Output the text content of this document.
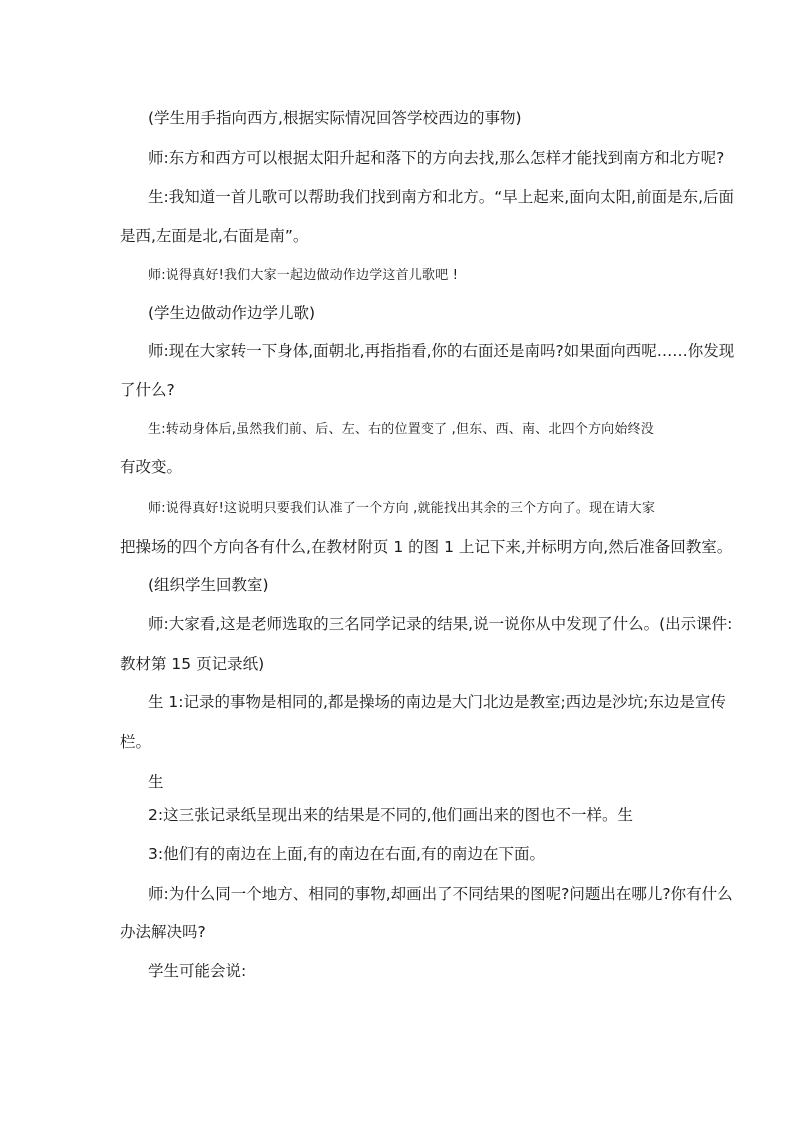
(学生用手指向西方,根据实际情况回答学校西边的事物)
师:东方和西方可以根据太阳升起和落下的方向去找,那么怎样才能找到南方和北方呢?
生:我知道一首儿歌可以帮助我们找到南方和北方。“早上起来,面向太阳,前面是东,后面
是西,左面是北,右面是南”。
师:说得真好!我们大家一起边做动作边学这首儿歌吧 !
(学生边做动作边学儿歌)
师:现在大家转一下身体,面朝北,再指指看,你的右面还是南吗?如果面向西呢……你发现
了什么?
生:转动身体后,虽然我们前、后、左、右的位置变了 ,但东、西、南、北四个方向始终没
有改变。
师:说得真好!这说明只要我们认准了一个方向 ,就能找出其余的三个方向了。现在请大家
把操场的四个方向各有什么,在教材附页 1 的图 1 上记下来,并标明方向,然后准备回教室。
(组织学生回教室)
师:大家看,这是老师选取的三名同学记录的结果,说一说你从中发现了什么。(出示课件:
教材第 15 页记录纸)
生 1:记录的事物是相同的,都是操场的南边是大门北边是教室;西边是沙坑;东边是宣传
栏。
生
2:这三张记录纸呈现出来的结果是不同的,他们画出来的图也不一样。生
3:他们有的南边在上面,有的南边在右面,有的南边在下面。
师:为什么同一个地方、相同的事物,却画出了不同结果的图呢?问题出在哪儿?你有什么
办法解决吗?
学生可能会说:
